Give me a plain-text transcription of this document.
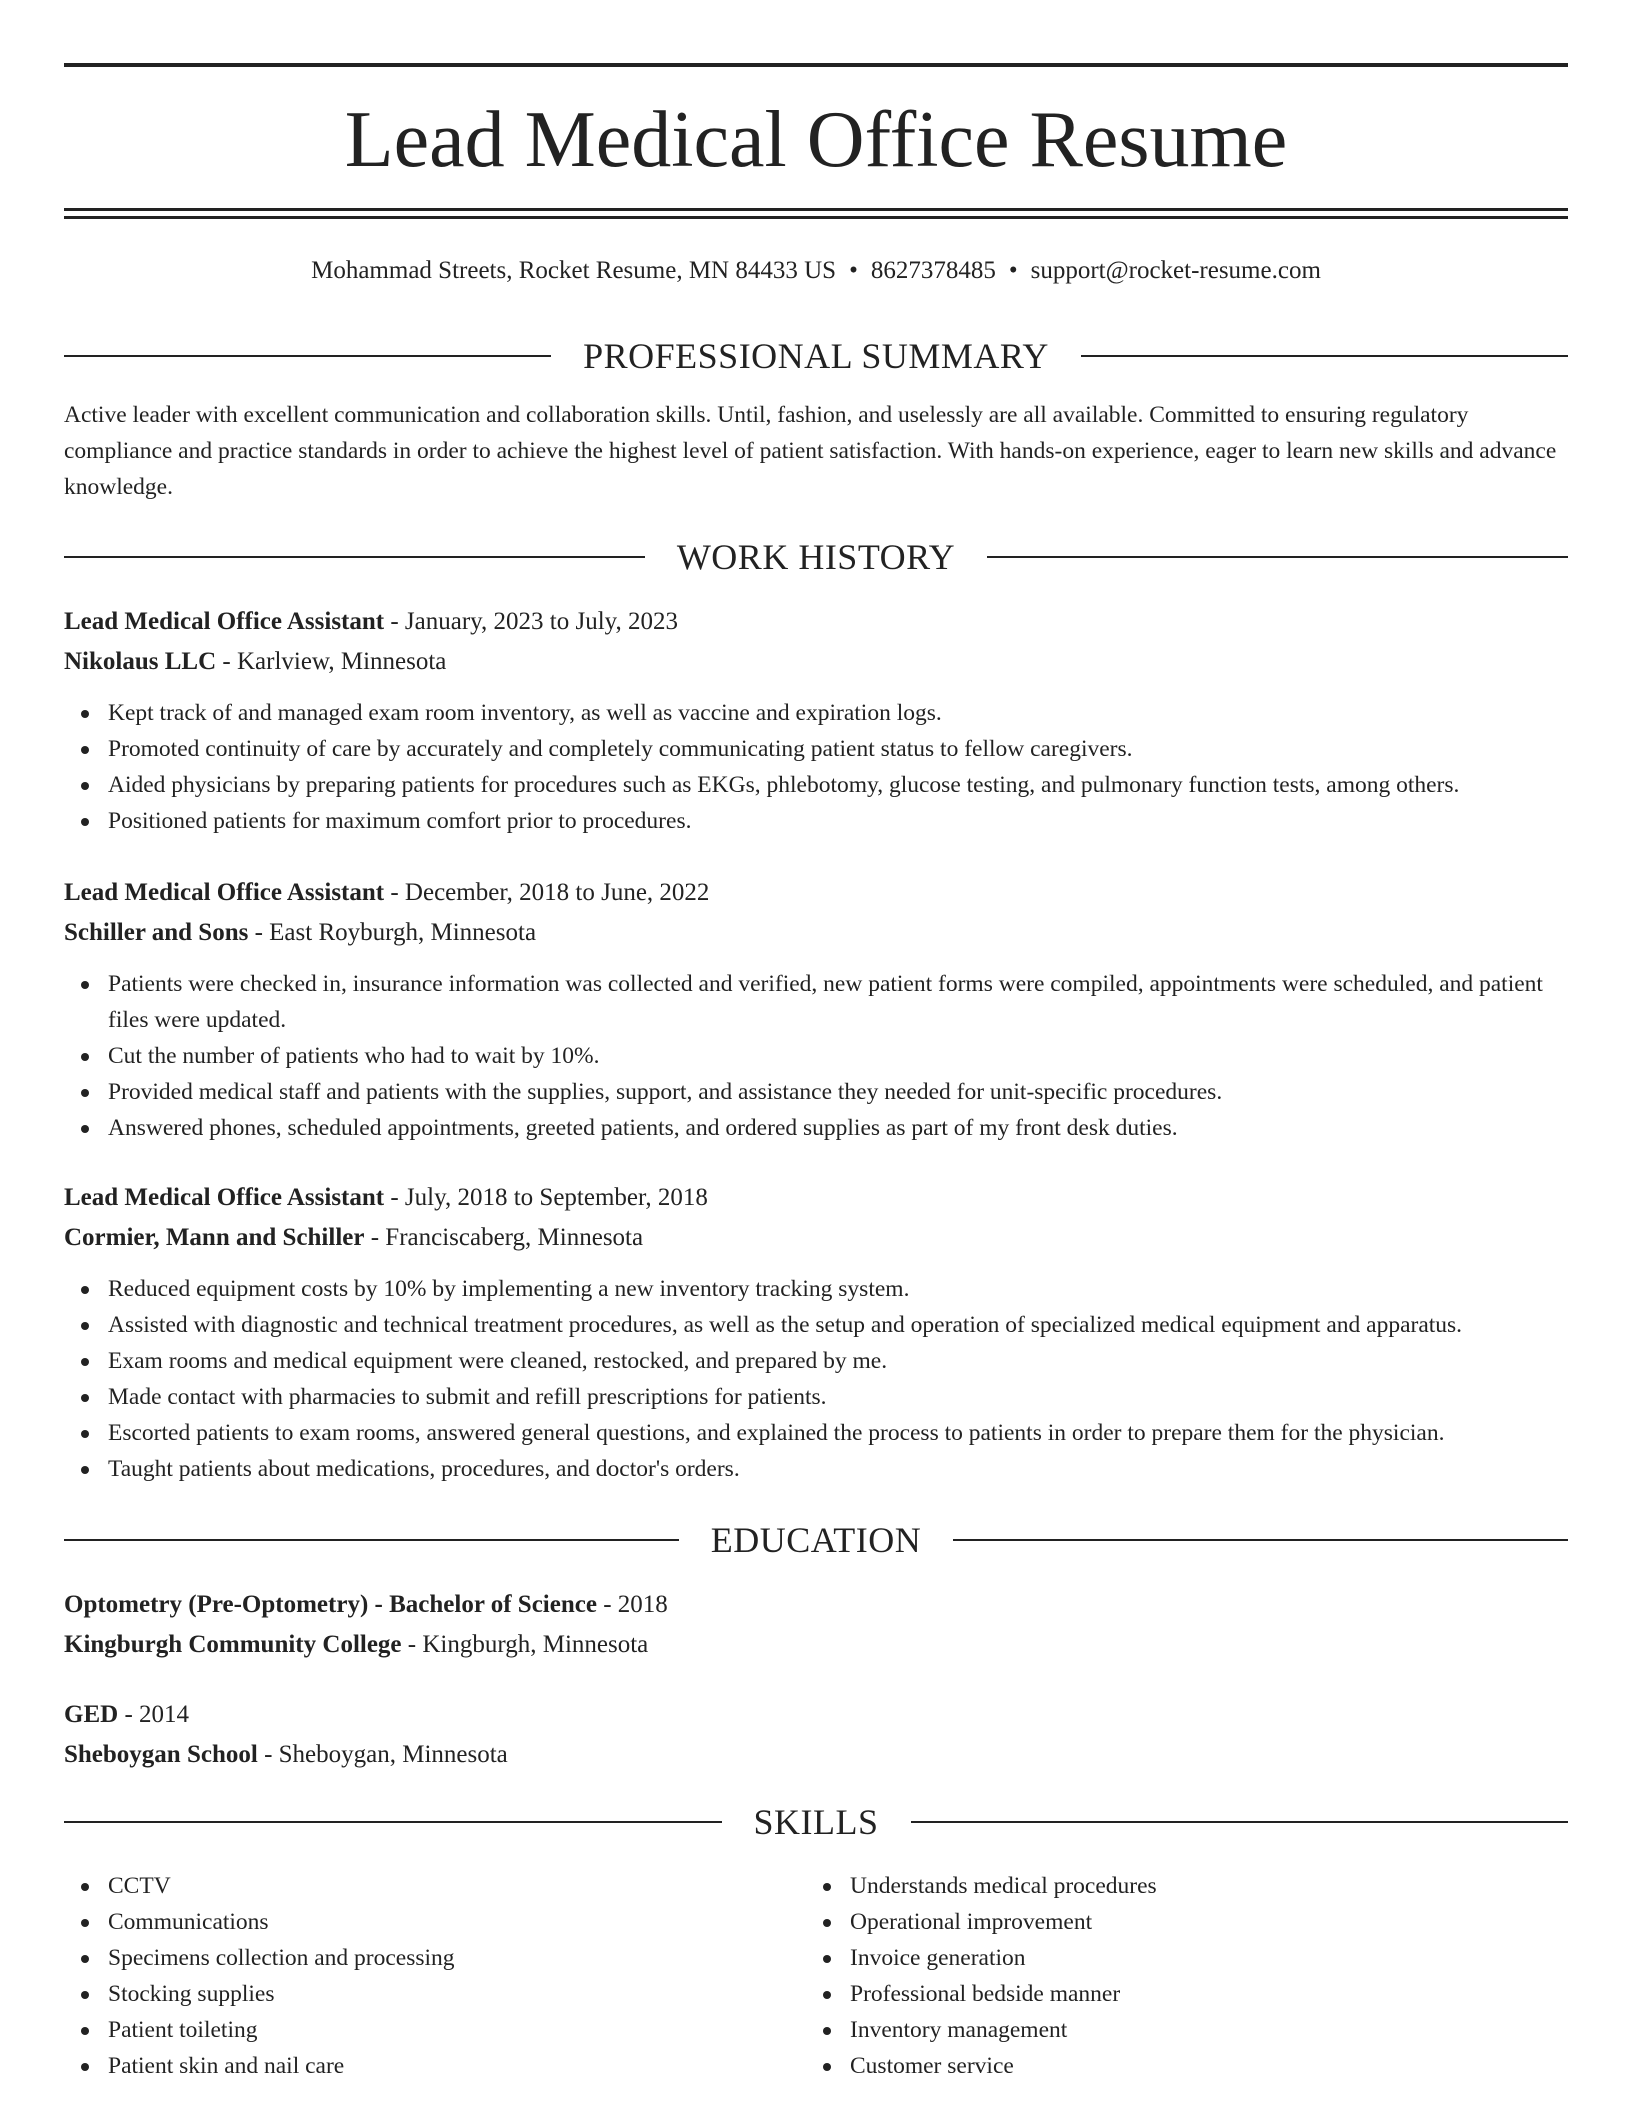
Lead Medical Office Resume
Mohammad Streets, Rocket Resume, MN 84433 US • 8627378485 • support@rocket-resume.com
PROFESSIONAL SUMMARY

Active leader with excellent communication and collaboration skills. Until, fashion, and uselessly are all available. Committed to ensuring regulatory compliance and practice standards in order to achieve the highest level of patient satisfaction. With hands-on experience, eager to learn new skills and advance knowledge.

WORK HISTORY
Lead Medical Office Assistant - January, 2023 to July, 2023
Nikolaus LLC - Karlview, Minnesota
Kept track of and managed exam room inventory, as well as vaccine and expiration logs.
Promoted continuity of care by accurately and completely communicating patient status to fellow caregivers.
Aided physicians by preparing patients for procedures such as EKGs, phlebotomy, glucose testing, and pulmonary function tests, among others.
Positioned patients for maximum comfort prior to procedures.
Lead Medical Office Assistant - December, 2018 to June, 2022
Schiller and Sons - East Royburgh, Minnesota
Patients were checked in, insurance information was collected and verified, new patient forms were compiled, appointments were scheduled, and patient files were updated.
Cut the number of patients who had to wait by 10%.
Provided medical staff and patients with the supplies, support, and assistance they needed for unit-specific procedures.
Answered phones, scheduled appointments, greeted patients, and ordered supplies as part of my front desk duties.
Lead Medical Office Assistant - July, 2018 to September, 2018
Cormier, Mann and Schiller - Franciscaberg, Minnesota
Reduced equipment costs by 10% by implementing a new inventory tracking system.
Assisted with diagnostic and technical treatment procedures, as well as the setup and operation of specialized medical equipment and apparatus.
Exam rooms and medical equipment were cleaned, restocked, and prepared by me.
Made contact with pharmacies to submit and refill prescriptions for patients.
Escorted patients to exam rooms, answered general questions, and explained the process to patients in order to prepare them for the physician.
Taught patients about medications, procedures, and doctor's orders.
EDUCATION
Optometry (Pre-Optometry) - Bachelor of Science - 2018
Kingburgh Community College - Kingburgh, Minnesota
GED - 2014
Sheboygan School - Sheboygan, Minnesota
SKILLS
CCTV
Communications
Specimens collection and processing
Stocking supplies
Patient toileting
Patient skin and nail care
Understands medical procedures
Operational improvement
Invoice generation
Professional bedside manner
Inventory management
Customer service
